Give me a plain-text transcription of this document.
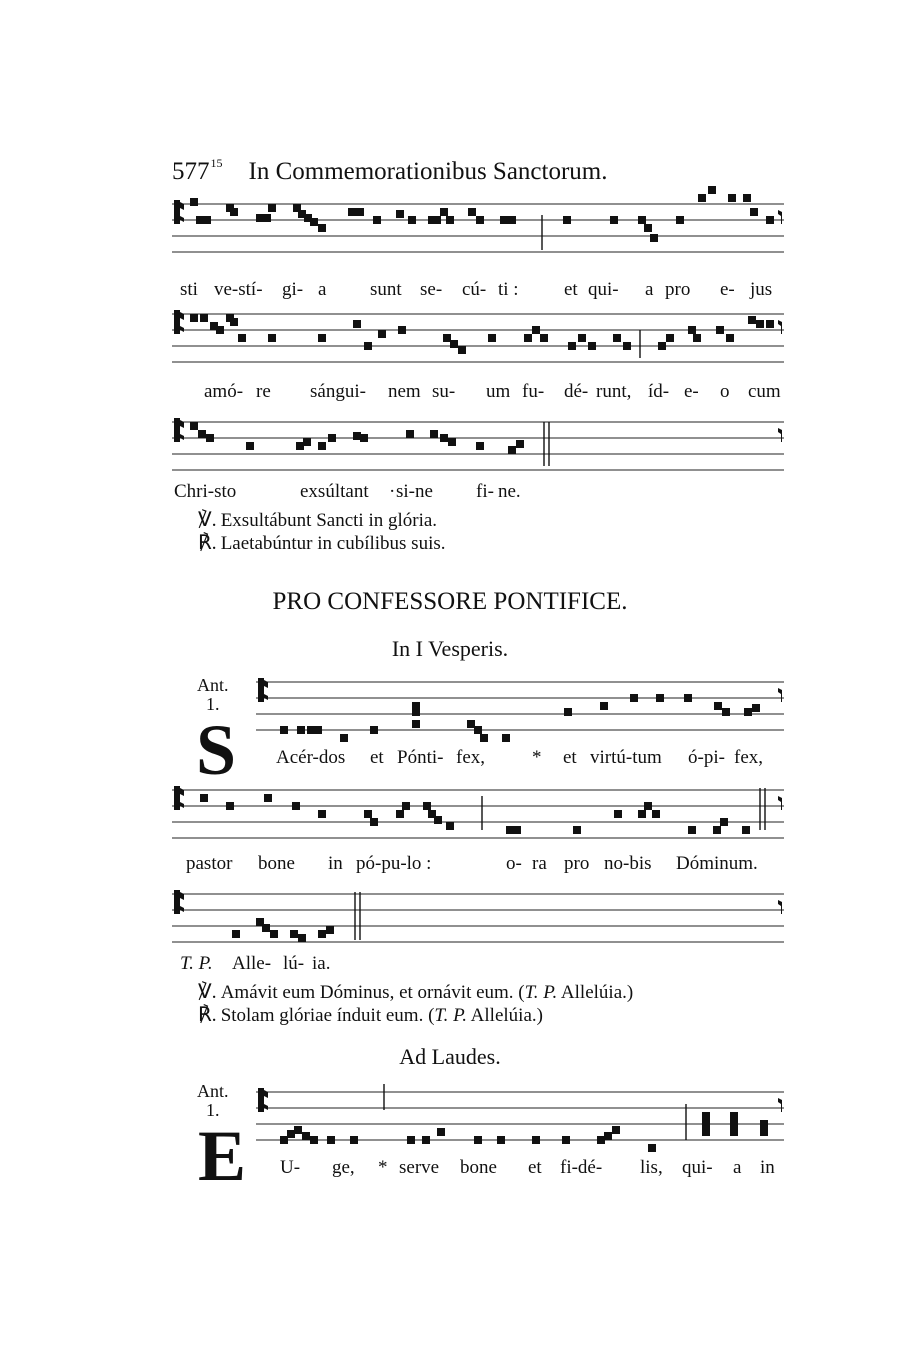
$577^{15}$ In Commemorationibus Sanctorum.
sti ve-stí- gi- a sunt se- cú- ti : et qui- a pro e- jus
amó- re sángui- nem su- um fu- dé- runt, íd- e- o cum
Chri-sto	exsúltant · si-ne fi- ne.
℣. Exsultábunt Sancti in glória.
℟. Laetabúntur in cubílibus suis.
PRO CONFESSORE PONTIFICE.
In I Vesperis.
Ant.
1.
S Acér-dos et Pónti- fex, * et virtú-tum ó-pi- fex,
pastor bone in pó-pu-lo :	o- ra pro no-bis Dóminum.
T. P. Alle- lú- ia.
℣. Amávit eum Dóminus, et ornávit eum. (T. P. Allelúia.)
℟. Stolam glóriae índuit eum. (T. P. Allelúia.)
Ad Laudes.
Ant.
1.
E U- ge, * serve bone et fi-dé- lis, qui- a in
